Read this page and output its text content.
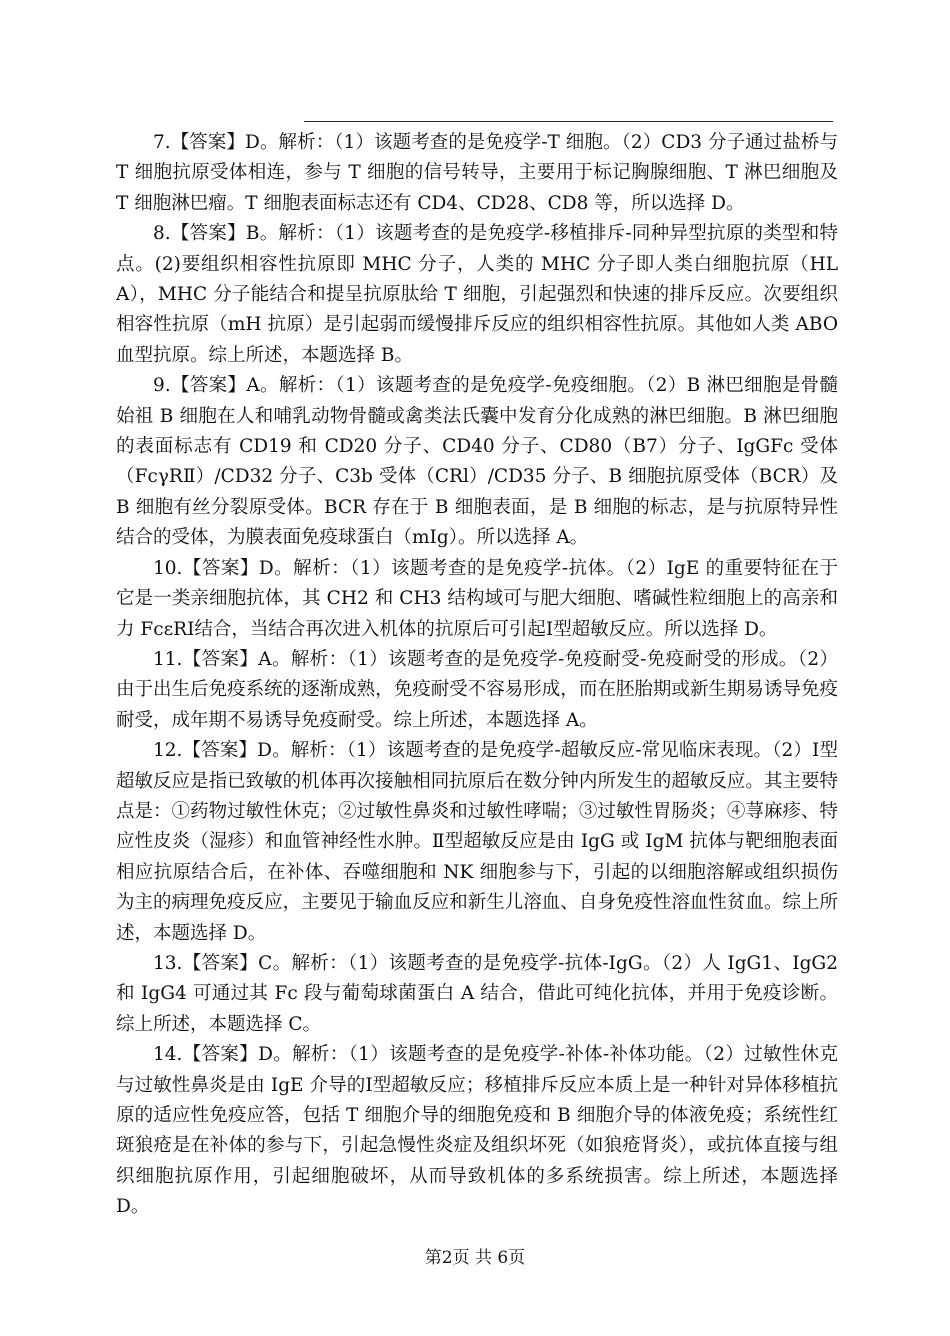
7.【答案】D。解析：（1）该题考查的是免疫学-T 细胞。（2）CD3 分子通过盐桥与 T 细胞抗原受体相连，参与 T 细胞的信号转导，主要用于标记胸腺细胞、T 淋巴细胞及 T 细胞淋巴瘤。T 细胞表面标志还有 CD4、CD28、CD8 等，所以选择 D。

8.【答案】B。解析：（1）该题考查的是免疫学-移植排斥-同种异型抗原的类型和特点。(2)要组织相容性抗原即 MHC 分子，人类的 MHC 分子即人类白细胞抗原（HLA），MHC 分子能结合和提呈抗原肽给 T 细胞，引起强烈和快速的排斥反应。次要组织相容性抗原（mH 抗原）是引起弱而缓慢排斥反应的组织相容性抗原。其他如人类 ABO 血型抗原。综上所述，本题选择 B。

9.【答案】A。解析：（1）该题考查的是免疫学-免疫细胞。（2）B 淋巴细胞是骨髓始祖 B 细胞在人和哺乳动物骨髓或禽类法氏囊中发育分化成熟的淋巴细胞。B 淋巴细胞的表面标志有 CD19 和 CD20 分子、CD40 分子、CD80（B7）分子、IgGFc 受体（FcγRⅡ）/CD32 分子、C3b 受体（CRl）/CD35 分子、B 细胞抗原受体（BCR）及 B 细胞有丝分裂原受体。BCR 存在于 B 细胞表面，是 B 细胞的标志，是与抗原特异性结合的受体，为膜表面免疫球蛋白（mIg）。所以选择 A。

10.【答案】D。解析：（1）该题考查的是免疫学-抗体。（2）IgE 的重要特征在于它是一类亲细胞抗体，其 CH2 和 CH3 结构域可与肥大细胞、嗜碱性粒细胞上的高亲和力 FcεRⅠ结合，当结合再次进入机体的抗原后可引起Ⅰ型超敏反应。所以选择 D。

11.【答案】A。解析：（1）该题考查的是免疫学-免疫耐受-免疫耐受的形成。（2）由于出生后免疫系统的逐渐成熟，免疫耐受不容易形成，而在胚胎期或新生期易诱导免疫耐受，成年期不易诱导免疫耐受。综上所述，本题选择 A。

12.【答案】D。解析：（1）该题考查的是免疫学-超敏反应-常见临床表现。（2）Ⅰ型超敏反应是指已致敏的机体再次接触相同抗原后在数分钟内所发生的超敏反应。其主要特点是：①药物过敏性休克；②过敏性鼻炎和过敏性哮喘；③过敏性胃肠炎；④荨麻疹、特应性皮炎（湿疹）和血管神经性水肿。Ⅱ型超敏反应是由 IgG 或 IgM 抗体与靶细胞表面相应抗原结合后，在补体、吞噬细胞和 NK 细胞参与下，引起的以细胞溶解或组织损伤为主的病理免疫反应，主要见于输血反应和新生儿溶血、自身免疫性溶血性贫血。综上所述，本题选择 D。

13.【答案】C。解析：（1）该题考查的是免疫学-抗体-IgG。（2）人 IgG1、IgG2和 IgG4 可通过其 Fc 段与葡萄球菌蛋白 A 结合，借此可纯化抗体，并用于免疫诊断。综上所述，本题选择 C。

14.【答案】D。解析：（1）该题考查的是免疫学-补体-补体功能。（2）过敏性休克与过敏性鼻炎是由 IgE 介导的Ⅰ型超敏反应；移植排斥反应本质上是一种针对异体移植抗原的适应性免疫应答，包括 T 细胞介导的细胞免疫和 B 细胞介导的体液免疫；系统性红斑狼疮是在补体的参与下，引起急慢性炎症及组织坏死（如狼疮肾炎），或抗体直接与组织细胞抗原作用，引起细胞破坏，从而导致机体的多系统损害。综上所述，本题选择 D。

第2页 共 6页
